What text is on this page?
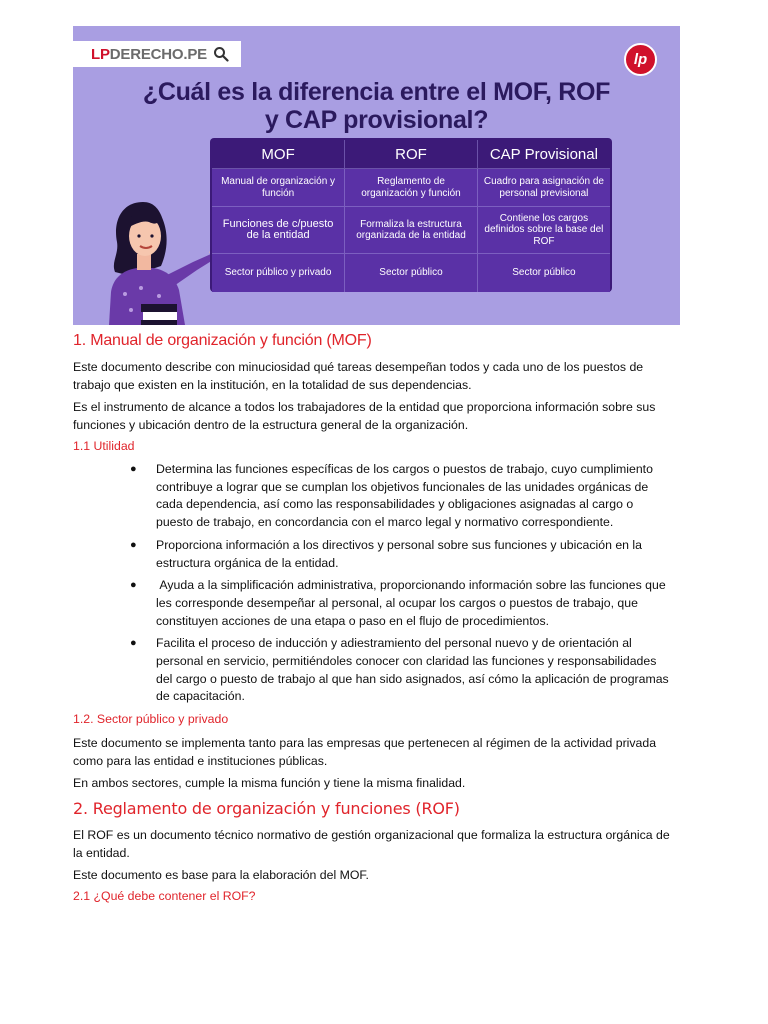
LP DERECHO.PE	lp
¿Cuál es la diferencia entre el MOF, ROF
y CAP provisional?
MOF	ROF	CAP Provisional
Manual de organización y función	Reglamento de organización y función	Cuadro para asignación de personal previsional
Funciones de c/puesto de la entidad	Formaliza la estructura organizada de la entidad	Contiene los cargos definidos sobre la base del ROF
Sector público y privado	Sector público	Sector público
1. Manual de organización y función (MOF)

Este documento describe con minuciosidad qué tareas desempeñan todos y cada uno de los puestos de trabajo que existen en la institución, en la totalidad de sus dependencias.

Es el instrumento de alcance a todos los trabajadores de la entidad que proporciona información sobre sus funciones y ubicación dentro de la estructura general de la organización.

1.1 Utilidad
● Determina las funciones específicas de los cargos o puestos de trabajo, cuyo cumplimiento contribuye a lograr que se cumplan los objetivos funcionales de las unidades orgánicas de cada dependencia, así como las responsabilidades y obligaciones asignadas al cargo o puesto de trabajo, en concordancia con el marco legal y normativo correspondiente.
● Proporciona información a los directivos y personal sobre sus funciones y ubicación en la estructura orgánica de la entidad.
● Ayuda a la simplificación administrativa, proporcionando información sobre las funciones que les corresponde desempeñar al personal, al ocupar los cargos o puestos de trabajo, que constituyen acciones de una etapa o paso en el flujo de procedimientos.
● Facilita el proceso de inducción y adiestramiento del personal nuevo y de orientación al personal en servicio, permitiéndoles conocer con claridad las funciones y responsabilidades del cargo o puesto de trabajo al que han sido asignados, así cómo la aplicación de programas de capacitación.
1.2. Sector público y privado

Este documento se implementa tanto para las empresas que pertenecen al régimen de la actividad privada como para las entidad e instituciones públicas.

En ambos sectores, cumple la misma función y tiene la misma finalidad.

2. Reglamento de organización y funciones (ROF)

El ROF es un documento técnico normativo de gestión organizacional que formaliza la estructura orgánica de la entidad.

Este documento es base para la elaboración del MOF.

2.1 ¿Qué debe contener el ROF?
